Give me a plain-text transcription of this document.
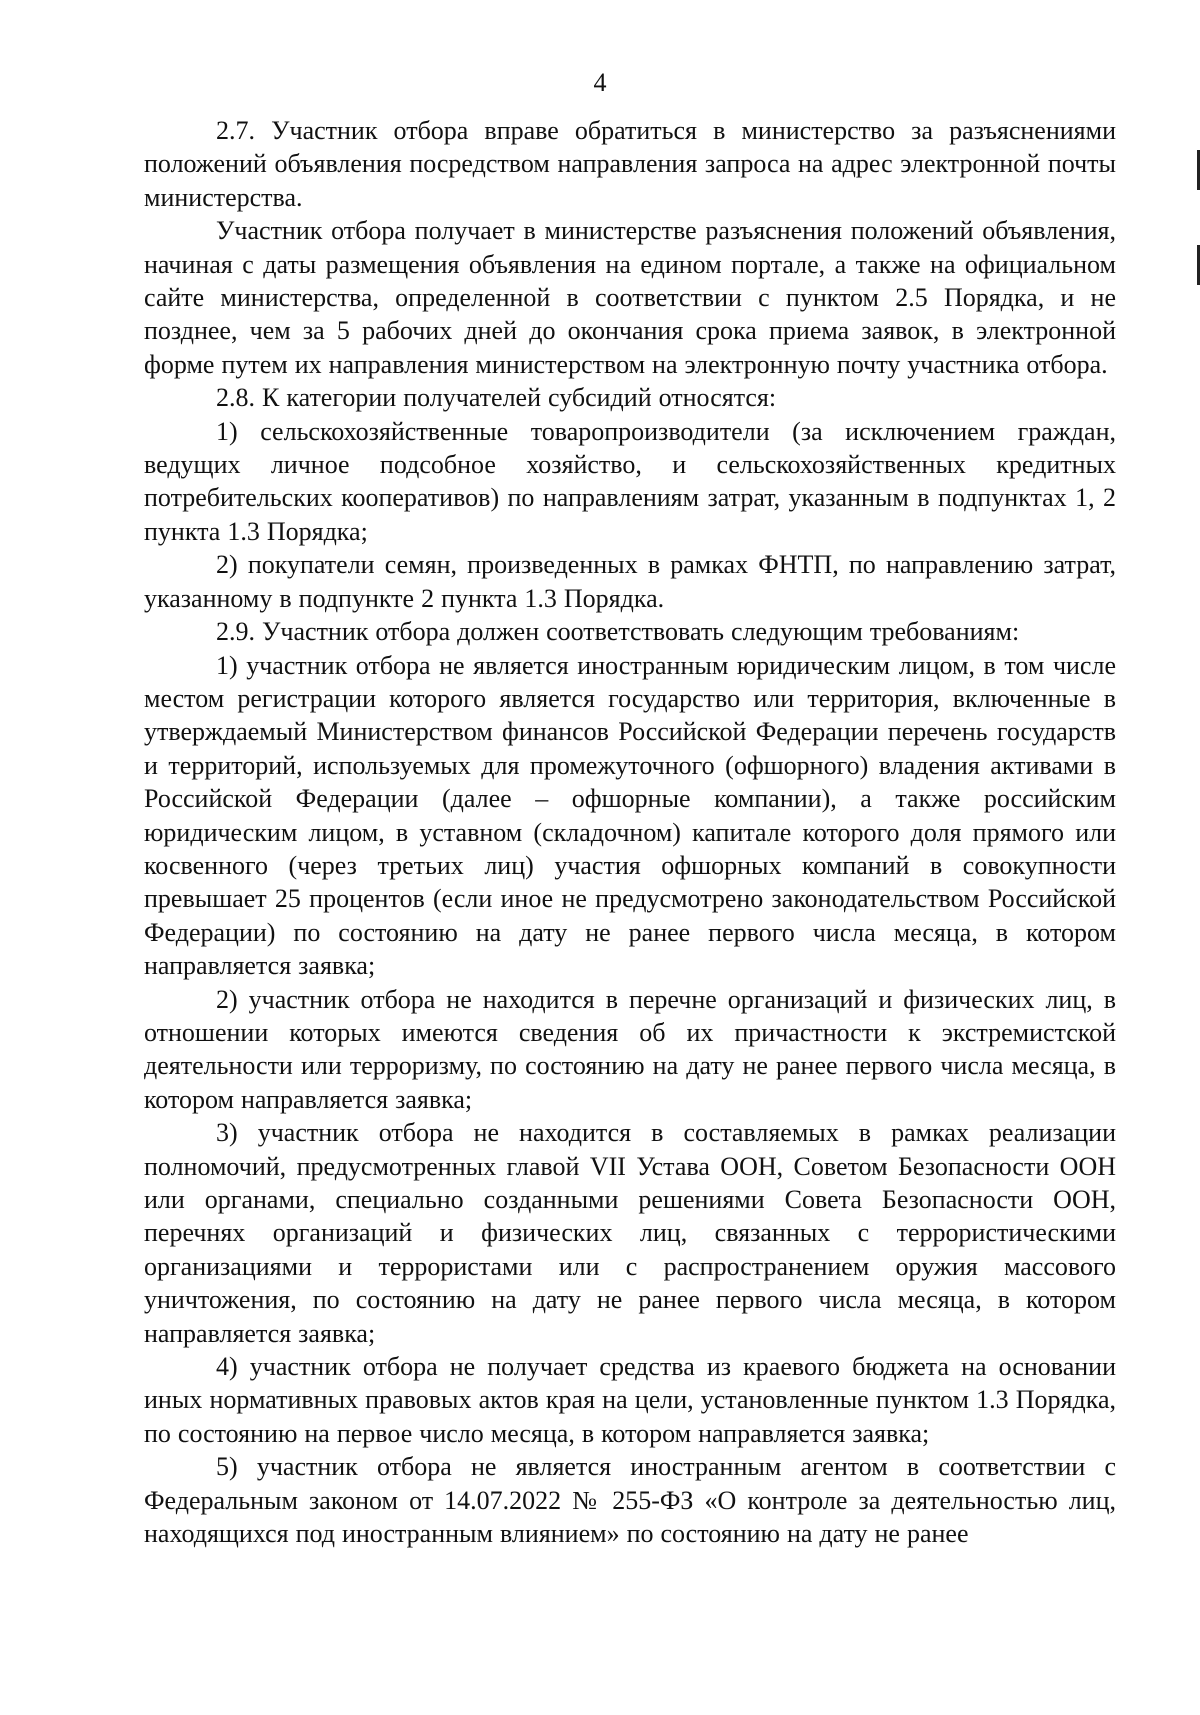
4

2.7. Участник отбора вправе обратиться в министерство за разъяснениями положений объявления посредством направления запроса на адрес электронной почты министерства.

Участник отбора получает в министерстве разъяснения положений объявления, начиная с даты размещения объявления на едином портале, а также на официальном сайте министерства, определенной в соответствии с пунктом 2.5 Порядка, и не позднее, чем за 5 рабочих дней до окончания срока приема заявок, в электронной форме путем их направления министерством на электронную почту участника отбора.

2.8. К категории получателей субсидий относятся:

1) сельскохозяйственные товаропроизводители (за исключением граждан, ведущих личное подсобное хозяйство, и сельскохозяйственных кредитных потребительских кооперативов) по направлениям затрат, указанным в подпунктах 1, 2 пункта 1.3 Порядка;

2) покупатели семян, произведенных в рамках ФНТП, по направлению затрат, указанному в подпункте 2 пункта 1.3 Порядка.

2.9. Участник отбора должен соответствовать следующим требованиям:

1) участник отбора не является иностранным юридическим лицом, в том числе местом регистрации которого является государство или территория, включенные в утверждаемый Министерством финансов Российской Федерации перечень государств и территорий, используемых для промежуточного (офшорного) владения активами в Российской Федерации (далее – офшорные компании), а также российским юридическим лицом, в уставном (складочном) капитале которого доля прямого или косвенного (через третьих лиц) участия офшорных компаний в совокупности превышает 25 процентов (если иное не предусмотрено законодательством Российской Федерации) по состоянию на дату не ранее первого числа месяца, в котором направляется заявка;

2) участник отбора не находится в перечне организаций и физических лиц, в отношении которых имеются сведения об их причастности к экстремистской деятельности или терроризму, по состоянию на дату не ранее первого числа месяца, в котором направляется заявка;

3) участник отбора не находится в составляемых в рамках реализации полномочий, предусмотренных главой VII Устава ООН, Советом Безопасности ООН или органами, специально созданными решениями Совета Безопасности ООН, перечнях организаций и физических лиц, связанных с террористическими организациями и террористами или с распространением оружия массового уничтожения, по состоянию на дату не ранее первого числа месяца, в котором направляется заявка;

4) участник отбора не получает средства из краевого бюджета на основании иных нормативных правовых актов края на цели, установленные пунктом 1.3 Порядка, по состоянию на первое число месяца, в котором направляется заявка;

5) участник отбора не является иностранным агентом в соответствии с Федеральным законом от 14.07.2022 № 255-ФЗ «О контроле за деятельностью лиц, находящихся под иностранным влиянием» по состоянию на дату не ранее
